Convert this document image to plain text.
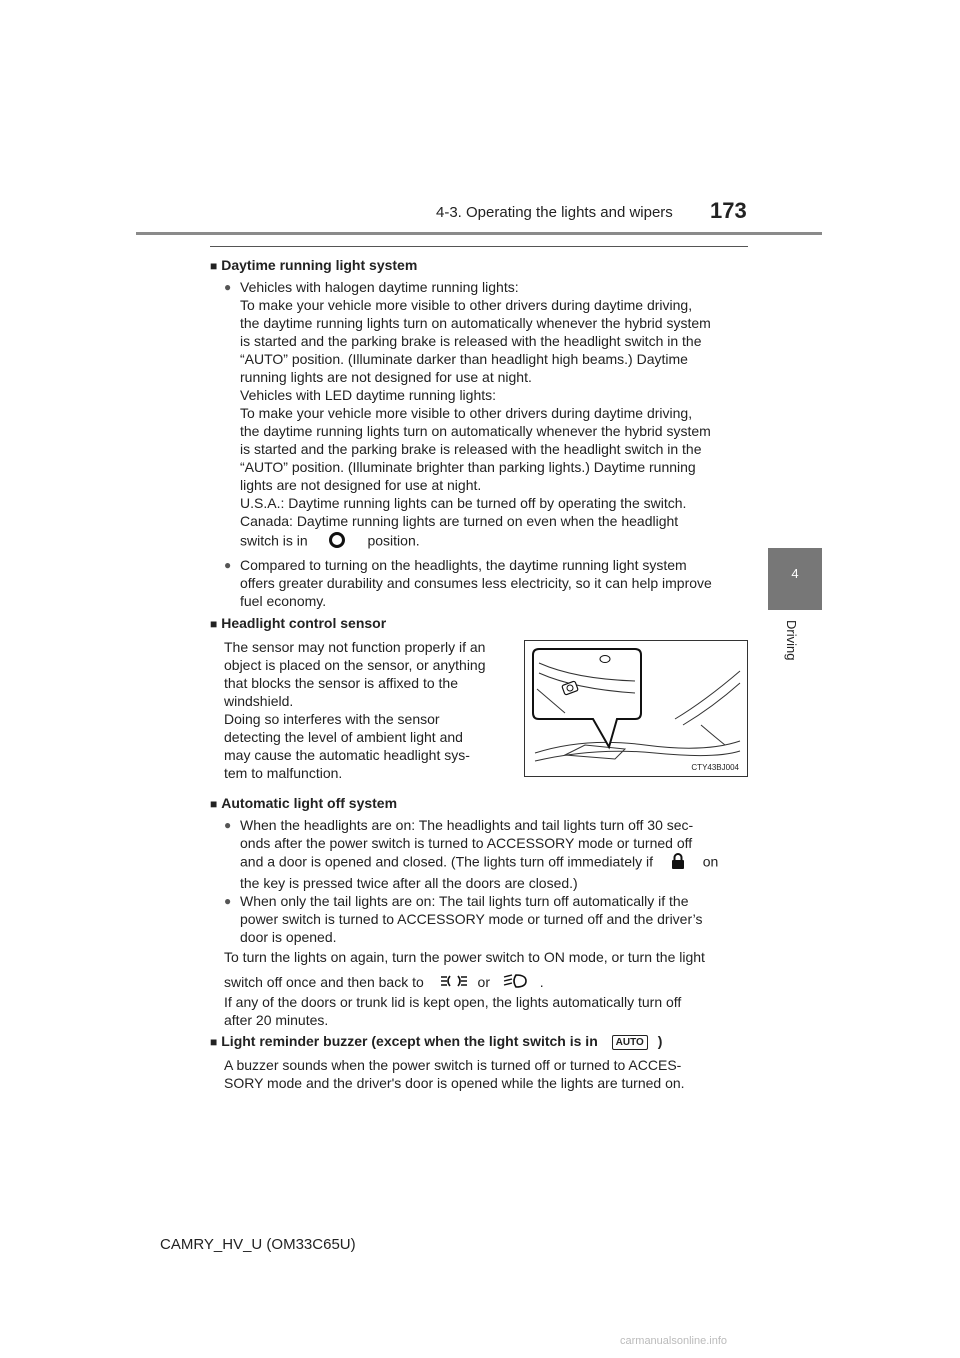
4-3. Operating the lights and wipers 173
4
Driving
■ Daytime running light system
● Vehicles with halogen daytime running lights:

To make your vehicle more visible to other drivers during daytime driving,

the daytime running lights turn on automatically whenever the hybrid system

is started and the parking brake is released with the headlight switch in the

“AUTO” position. (Illuminate darker than headlight high beams.) Daytime

running lights are not designed for use at night.

Vehicles with LED daytime running lights:

To make your vehicle more visible to other drivers during daytime driving,

the daytime running lights turn on automatically whenever the hybrid system

is started and the parking brake is released with the headlight switch in the

“AUTO” position. (Illuminate brighter than parking lights.) Daytime running

lights are not designed for use at night.

U.S.A.: Daytime running lights can be turned off by operating the switch.

Canada: Daytime running lights are turned on even when the headlight

switch is in	position.
● Compared to turning on the headlights, the daytime running light system

offers greater durability and consumes less electricity, so it can help improve

fuel economy.

■ Headlight control sensor

The sensor may not function properly if an

object is placed on the sensor, or anything

that blocks the sensor is affixed to the

windshield.

Doing so interferes with the sensor

detecting the level of ambient light and

may cause the automatic headlight sys-

tem to malfunction.	CTY43BJ004
■ Automatic light off system
● When the headlights are on: The headlights and tail lights turn off 30 sec-

onds after the power switch is turned to ACCESSORY mode or turned off

and a door is opened and closed. (The lights turn off immediately if	on

the key is pressed twice after all the doors are closed.)

● When only the tail lights are on: The tail lights turn off automatically if the

power switch is turned to ACCESSORY mode or turned off and the driver’s

door is opened.

To turn the lights on again, turn the power switch to ON mode, or turn the light

switch off once and then back to	or	.

If any of the doors or trunk lid is kept open, the lights automatically turn off

after 20 minutes.

■ Light reminder buzzer (except when the light switch is in AUTO )

A buzzer sounds when the power switch is turned off or turned to ACCES-

SORY mode and the driver's door is opened while the lights are turned on.

CAMRY_HV_U (OM33C65U)
carmanualsonline.info
